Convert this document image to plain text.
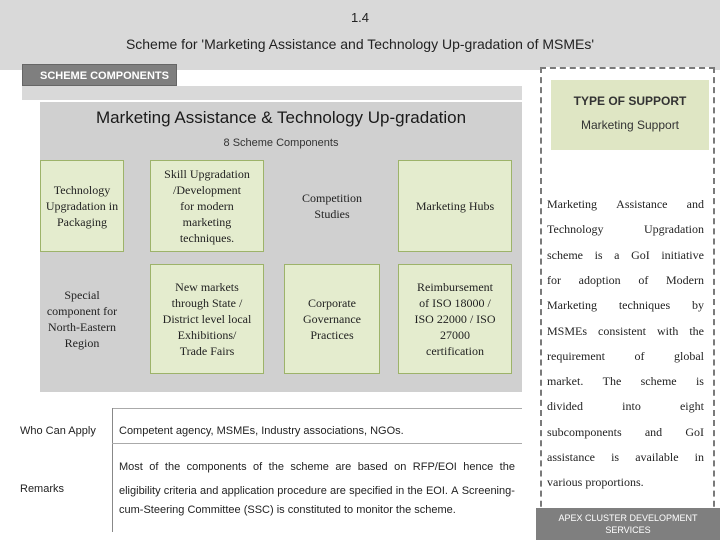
1.4
Scheme for 'Marketing Assistance and Technology Up-gradation of MSMEs'
SCHEME COMPONENTS
Marketing Assistance & Technology Up-gradation
8 Scheme Components
Technology
Upgradation in
Packaging
Skill Upgradation
/Development
for modern
marketing
techniques.
Competition
Studies
Marketing Hubs
Special
component for
North-Eastern
Region
New markets
through State /
District level local
Exhibitions/
Trade Fairs
Corporate
Governance
Practices
Reimbursement
of ISO 18000 /
ISO 22000 / ISO
27000
certification
TYPE OF SUPPORT
Marketing Support
Marketing Assistance and
Technology	Upgradation
scheme is a GoI initiative
for adoption of Modern
Marketing techniques by
MSMEs consistent with the
requirement of global
market. The scheme is
divided	into	eight
subcomponents and GoI
assistance is available in
various proportions.
APEX CLUSTER DEVELOPMENT
SERVICES
Who Can Apply Competent agency, MSMEs, Industry associations, NGOs.
Remarks
Most of the components of the scheme are based on RFP/EOI hence the
eligibility criteria and application procedure are specified in the EOI. A Screening-
cum-Steering Committee (SSC) is constituted to monitor the scheme.
